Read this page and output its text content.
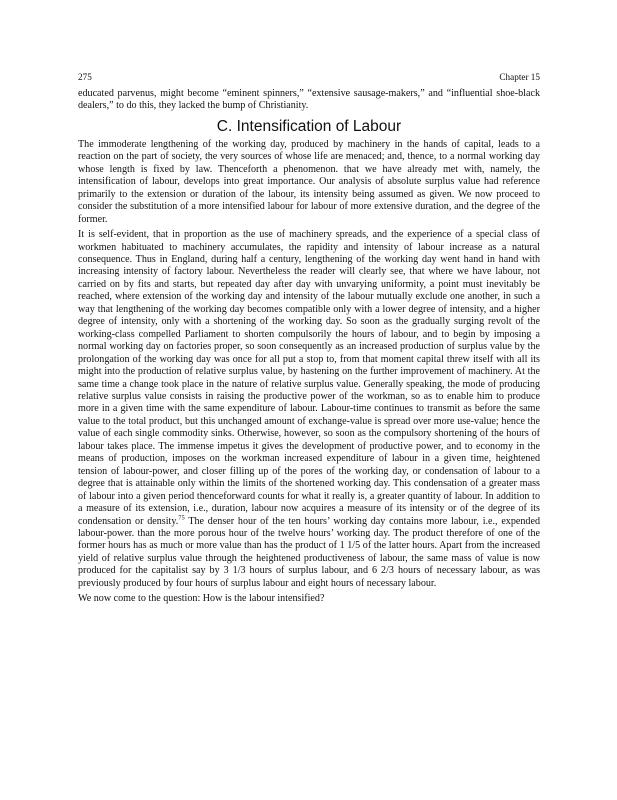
275	Chapter 15

educated parvenus, might become “eminent spinners,” “extensive sausage-makers,” and “influential shoe-black dealers,” to do this, they lacked the bump of Christianity.

C. Intensification of Labour

The immoderate lengthening of the working day, produced by machinery in the hands of capital, leads to a reaction on the part of society, the very sources of whose life are menaced; and, thence, to a normal working day whose length is fixed by law. Thenceforth a phenomenon. that we have already met with, namely, the intensification of labour, develops into great importance. Our analysis of absolute surplus value had reference primarily to the extension or duration of the labour, its intensity being assumed as given. We now proceed to consider the substitution of a more intensified labour for labour of more extensive duration, and the degree of the former.

It is self-evident, that in proportion as the use of machinery spreads, and the experience of a special class of workmen habituated to machinery accumulates, the rapidity and intensity of labour increase as a natural consequence. Thus in England, during half a century, lengthening of the working day went hand in hand with increasing intensity of factory labour. Nevertheless the reader will clearly see, that where we have labour, not carried on by fits and starts, but repeated day after day with unvarying uniformity, a point must inevitably be reached, where extension of the working day and intensity of the labour mutually exclude one another, in such a way that lengthening of the working day becomes compatible only with a lower degree of intensity, and a higher degree of intensity, only with a shortening of the working day. So soon as the gradually surging revolt of the working-class compelled Parliament to shorten compulsorily the hours of labour, and to begin by imposing a normal working day on factories proper, so soon consequently as an increased production of surplus value by the prolongation of the working day was once for all put a stop to, from that moment capital threw itself with all its might into the production of relative surplus value, by hastening on the further improvement of machinery. At the same time a change took place in the nature of relative surplus value. Generally speaking, the mode of producing relative surplus value consists in raising the productive power of the workman, so as to enable him to produce more in a given time with the same expenditure of labour. Labour-time continues to transmit as before the same value to the total product, but this unchanged amount of exchange-value is spread over more use-value; hence the value of each single commodity sinks. Otherwise, however, so soon as the compulsory shortening of the hours of labour takes place. The immense impetus it gives the development of productive power, and to economy in the means of production, imposes on the workman increased expenditure of labour in a given time, heightened tension of labour-power, and closer filling up of the pores of the working day, or condensation of labour to a degree that is attainable only within the limits of the shortened working day. This condensation of a greater mass of labour into a given period thenceforward counts for what it really is, a greater quantity of labour. In addition to a measure of its extension, i.e., duration, labour now acquires a measure of its intensity or of the degree of its condensation or density.$^{75}$ The denser hour of the ten hours’ working day contains more labour, i.e., expended labour-power. than the more porous hour of the twelve hours’ working day. The product therefore of one of the former hours has as much or more value than has the product of 1 1/5 of the latter hours. Apart from the increased yield of relative surplus value through the heightened productiveness of labour, the same mass of value is now produced for the capitalist say by 3 1/3 hours of surplus labour, and 6 2/3 hours of necessary labour, as was previously produced by four hours of surplus labour and eight hours of necessary labour.

We now come to the question: How is the labour intensified?
